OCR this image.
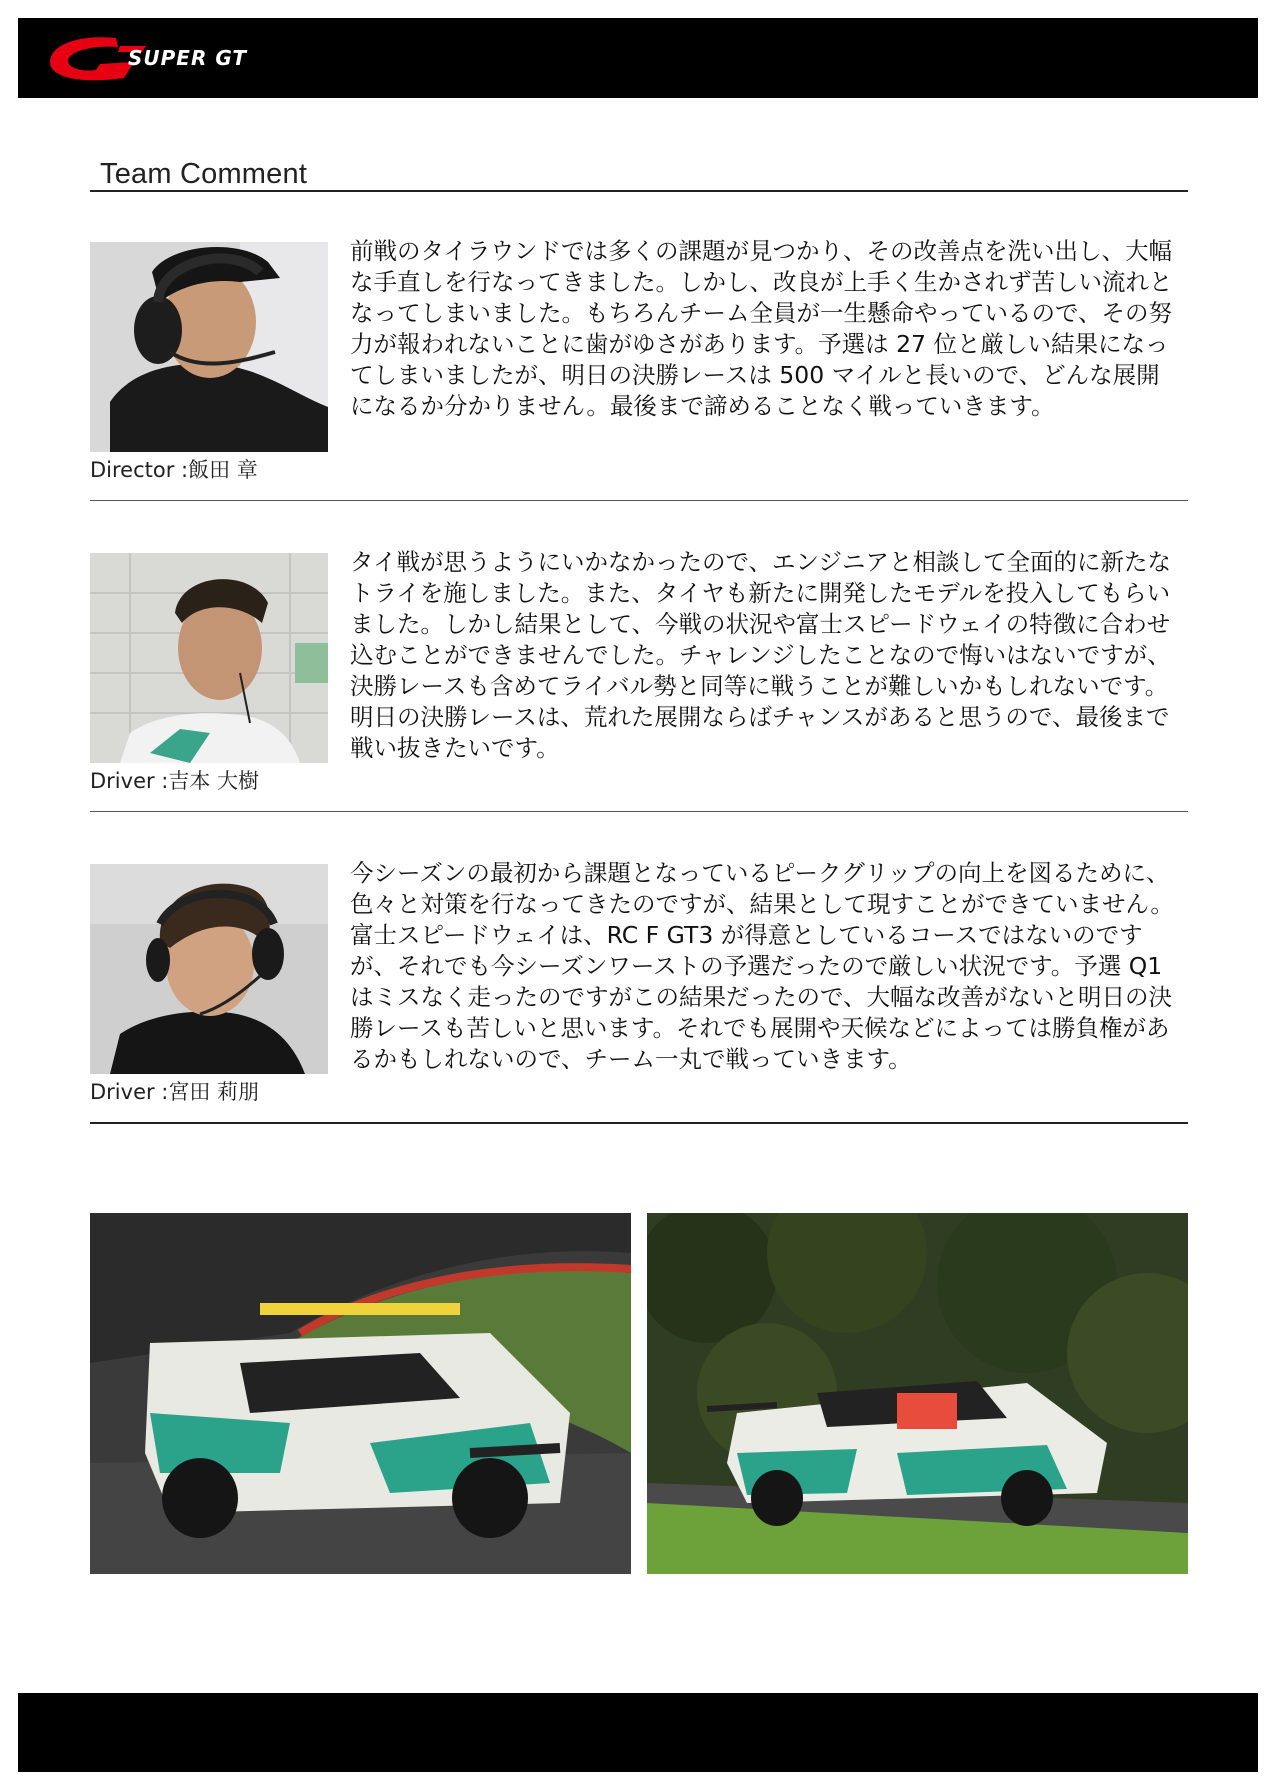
SUPER GT
Team Comment
Director :飯田 章
前戦のタイラウンドでは多くの課題が見つかり、その改善点を洗い出し、大幅な手直しを行なってきました。しかし、改良が上手く生かされず苦しい流れとなってしまいました。もちろんチーム全員が一生懸命やっているので、その努力が報われないことに歯がゆさがあります。予選は 27 位と厳しい結果になってしまいましたが、明日の決勝レースは 500 マイルと長いので、どんな展開になるか分かりません。最後まで諦めることなく戦っていきます。
Driver :吉本 大樹
タイ戦が思うようにいかなかったので、エンジニアと相談して全面的に新たなトライを施しました。また、タイヤも新たに開発したモデルを投入してもらいました。しかし結果として、今戦の状況や富士スピードウェイの特徴に合わせ込むことができませんでした。チャレンジしたことなので悔いはないですが、決勝レースも含めてライバル勢と同等に戦うことが難しいかもしれないです。明日の決勝レースは、荒れた展開ならばチャンスがあると思うので、最後まで戦い抜きたいです。
Driver :宮田 莉朋
今シーズンの最初から課題となっているピークグリップの向上を図るために、色々と対策を行なってきたのですが、結果として現すことができていません。富士スピードウェイは、RC F GT3 が得意としているコースではないのですが、それでも今シーズンワーストの予選だったので厳しい状況です。予選 Q1 はミスなく走ったのですがこの結果だったので、大幅な改善がないと明日の決勝レースも苦しいと思います。それでも展開や天候などによっては勝負権があるかもしれないので、チーム一丸で戦っていきます。
